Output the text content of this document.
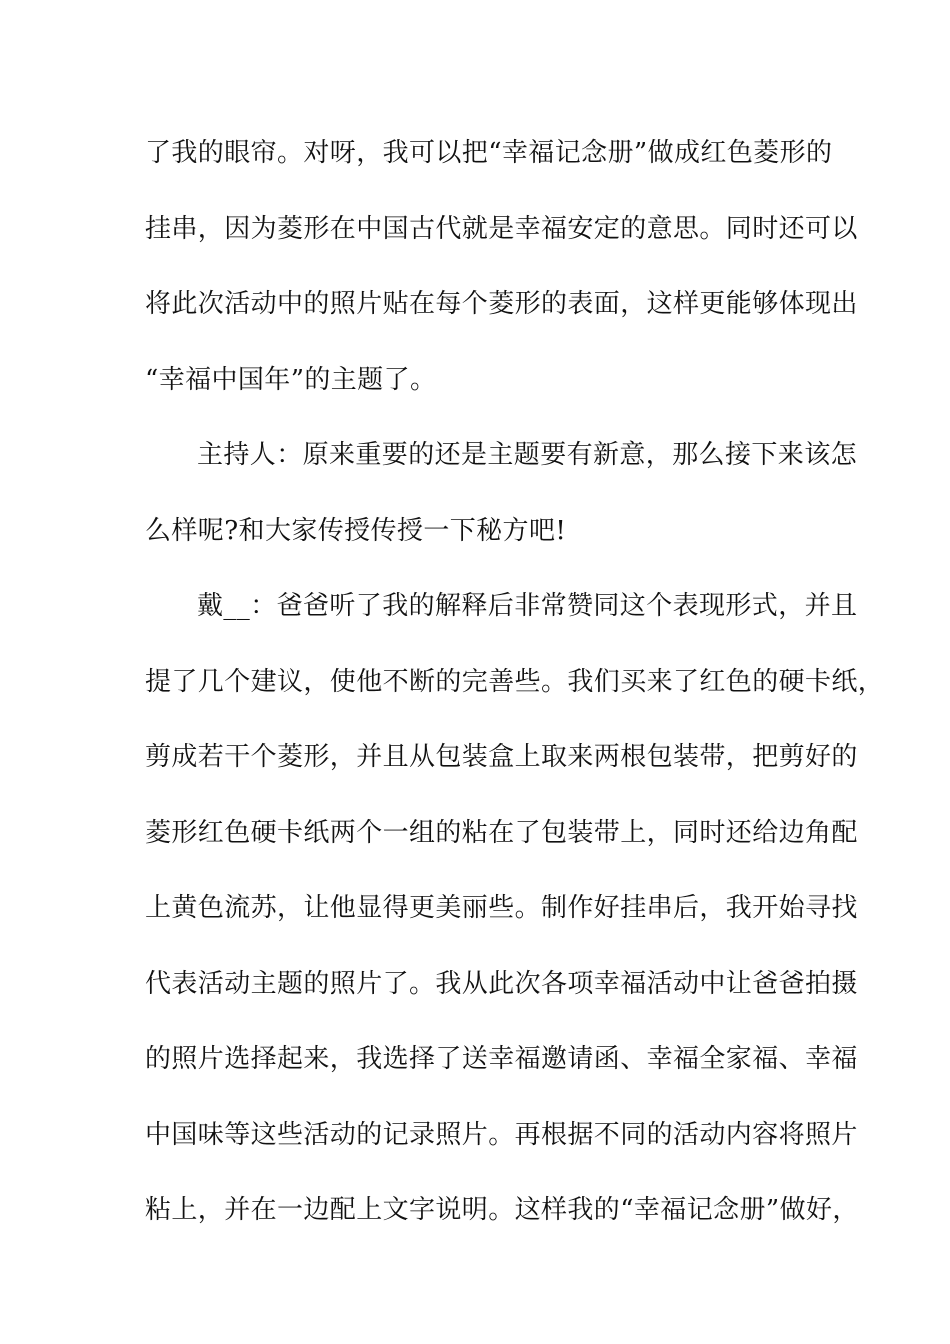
了我的眼帘。对呀，我可以把“幸福记念册”做成红色菱形的
挂串，因为菱形在中国古代就是幸福安定的意思。同时还可以
将此次活动中的照片贴在每个菱形的表面，这样更能够体现出
“幸福中国年”的主题了。
主持人：原来重要的还是主题要有新意，那么接下来该怎
么样呢?和大家传授传授一下秘方吧!
戴__：爸爸听了我的解释后非常赞同这个表现形式，并且
提了几个建议，使他不断的完善些。我们买来了红色的硬卡纸，
剪成若干个菱形，并且从包装盒上取来两根包装带，把剪好的
菱形红色硬卡纸两个一组的粘在了包装带上，同时还给边角配
上黄色流苏，让他显得更美丽些。制作好挂串后，我开始寻找
代表活动主题的照片了。我从此次各项幸福活动中让爸爸拍摄
的照片选择起来，我选择了送幸福邀请函、幸福全家福、幸福
中国味等这些活动的记录照片。再根据不同的活动内容将照片
粘上，并在一边配上文字说明。这样我的“幸福记念册”做好，
